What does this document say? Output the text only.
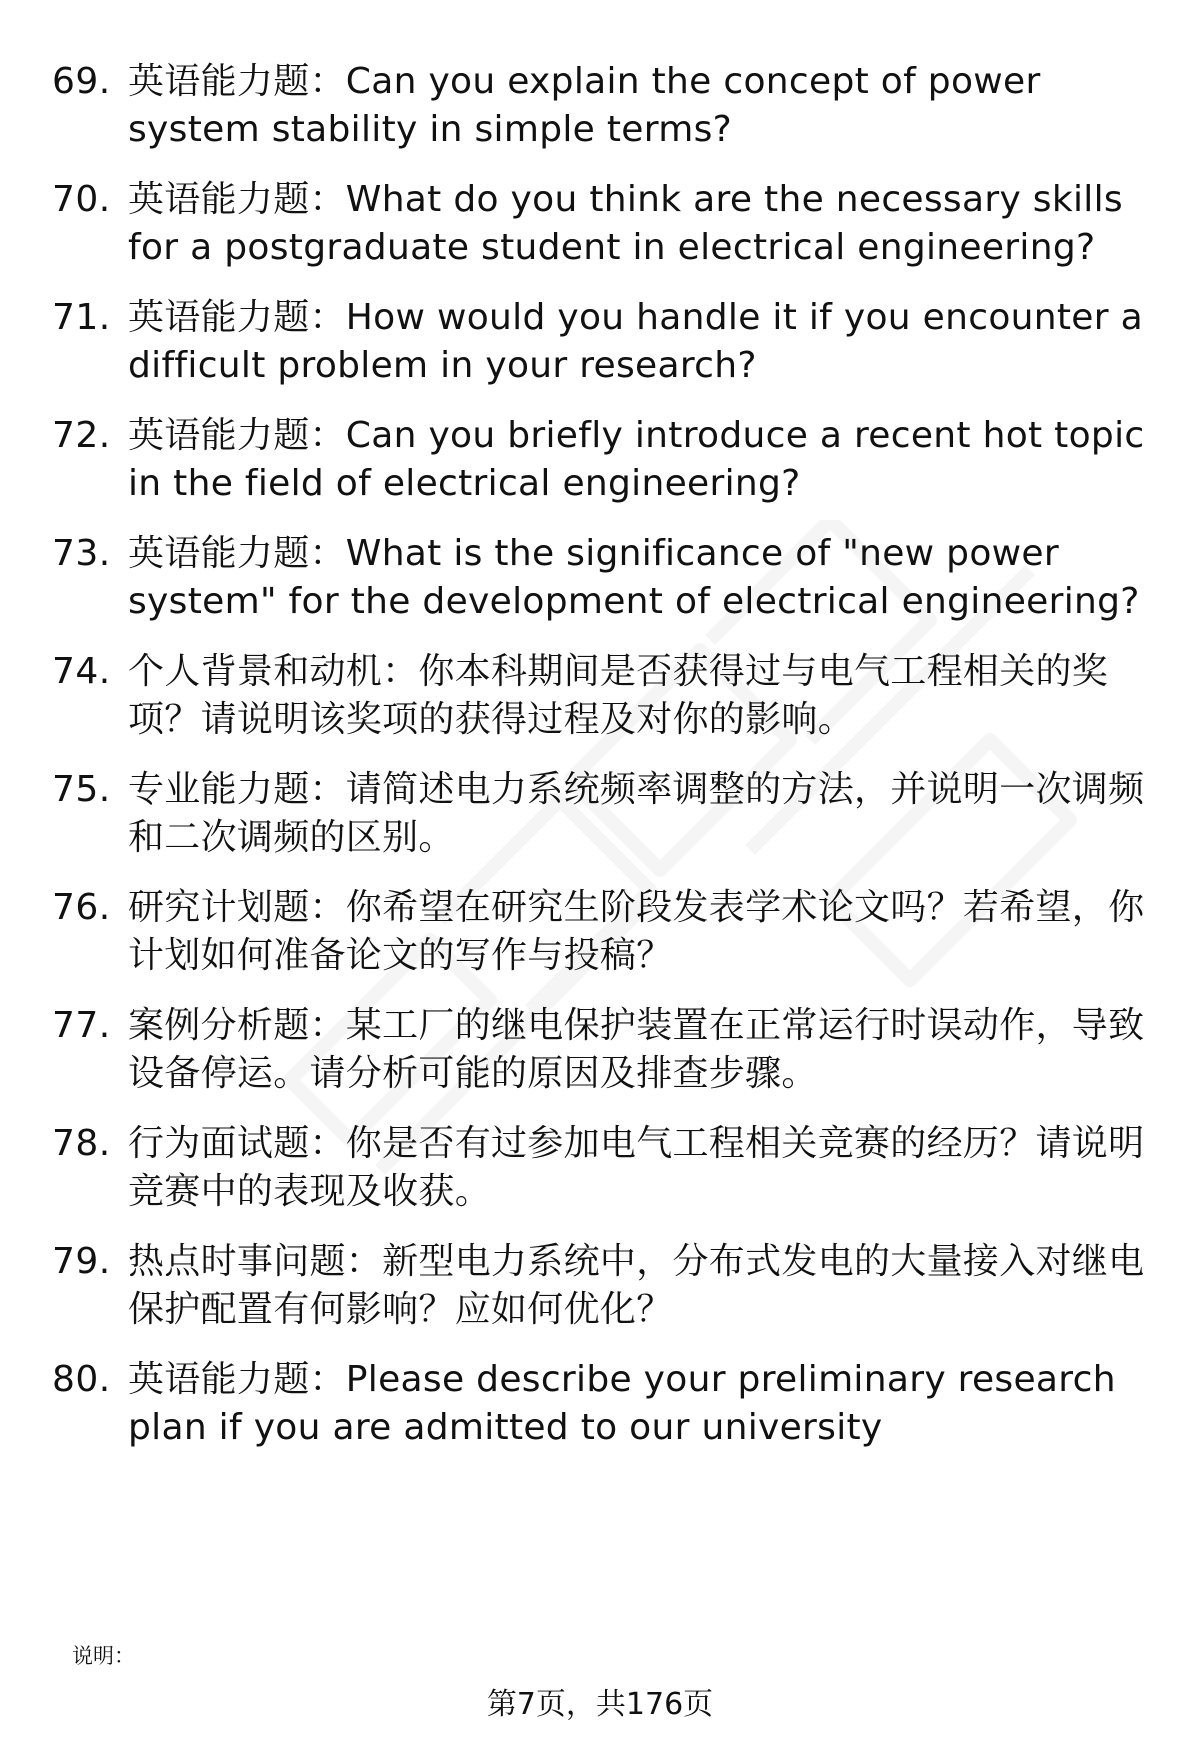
69. 英语能力题：Can you explain the concept of power system stability in simple terms?
70. 英语能力题：What do you think are the necessary skills for a postgraduate student in electrical engineering?
71. 英语能力题：How would you handle it if you encounter a difficult problem in your research?
72. 英语能力题：Can you briefly introduce a recent hot topic in the field of electrical engineering?
73. 英语能力题：What is the significance of "new power system" for the development of electrical engineering?
74. 个人背景和动机：你本科期间是否获得过与电气工程相关的奖项？请说明该奖项的获得过程及对你的影响。
75. 专业能力题：请简述电力系统频率调整的方法，并说明一次调频和二次调频的区别。
76. 研究计划题：你希望在研究生阶段发表学术论文吗？若希望，你计划如何准备论文的写作与投稿？
77. 案例分析题：某工厂的继电保护装置在正常运行时误动作，导致设备停运。请分析可能的原因及排查步骤。
78. 行为面试题：你是否有过参加电气工程相关竞赛的经历？请说明竞赛中的表现及收获。
79. 热点时事问题：新型电力系统中，分布式发电的大量接入对继电保护配置有何影响？应如何优化？
80. 英语能力题：Please describe your preliminary research plan if you are admitted to our university
说明：
第7页，共176页
